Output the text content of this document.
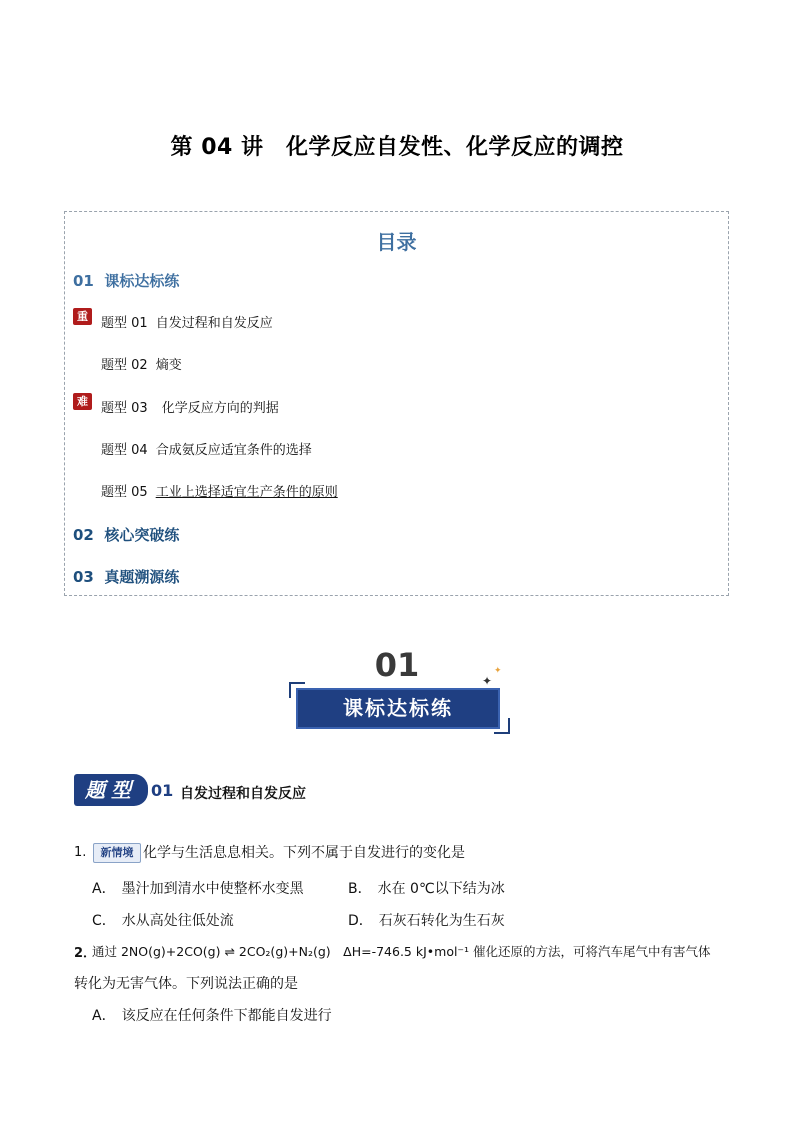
第 04 讲　化学反应自发性、化学反应的调控
目录
01 课标达标练
重	题型 01 自发过程和自发反应
题型 02 熵变
难	题型 03 化学反应方向的判据
题型 04 合成氨反应适宜条件的选择
题型 05 工业上选择适宜生产条件的原则
02 核心突破练
03 真题溯源练
01	✦
✦
课标达标练
题型 01 自发过程和自发反应
1.	新情境 化学与生活息息相关。下列不属于自发进行的变化是
A． 墨汁加到清水中使整杯水变黑	B． 水在 0℃以下结为冰
C． 水从高处往低处流	D． 石灰石转化为生石灰
2．
通过 2NO(g)+2CO(g) ⇌ 2CO₂(g)+N₂(g)　ΔH=-746.5 kJ•mol⁻¹ 催化还原的方法，可将汽车尾气中有害气体
转化为无害气体。下列说法正确的是
A． 该反应在任何条件下都能自发进行
